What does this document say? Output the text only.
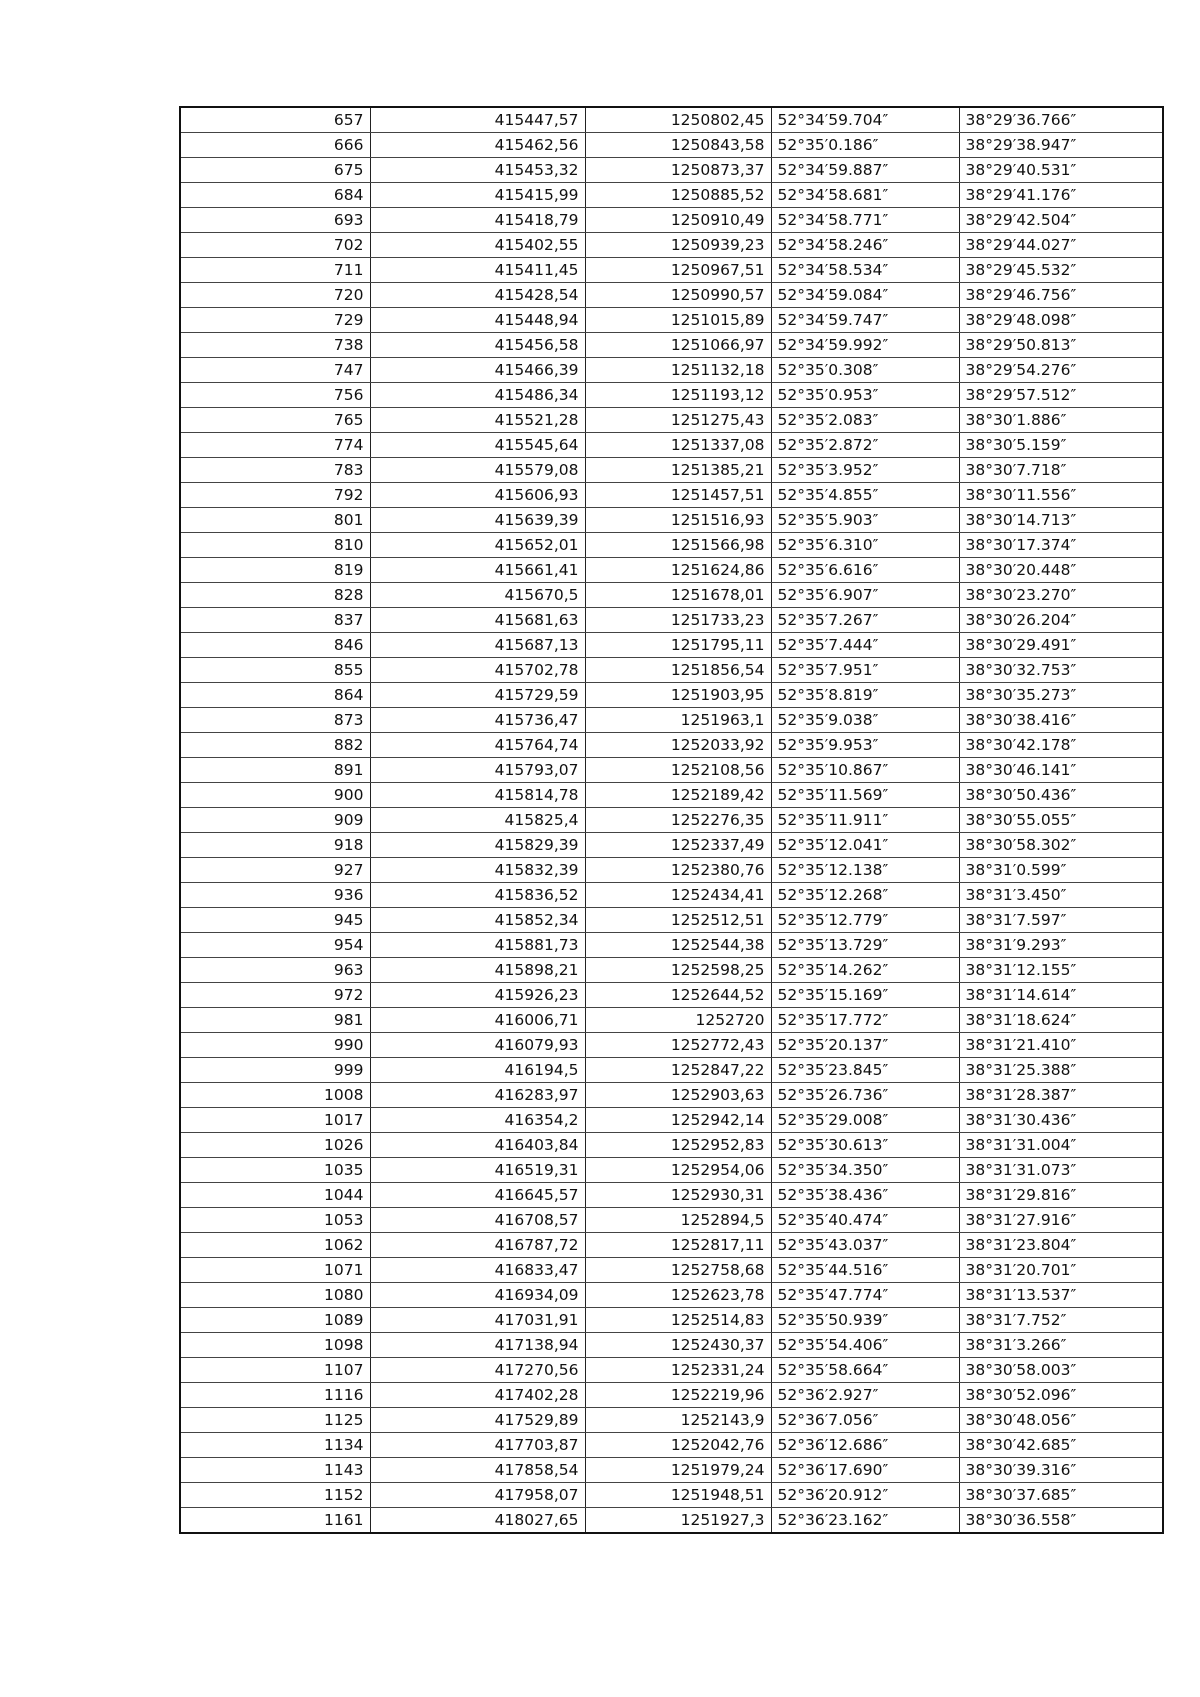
657	415447,57	1250802,45	52°34′59.704″	38°29′36.766″
666	415462,56	1250843,58	52°35′0.186″	38°29′38.947″
675	415453,32	1250873,37	52°34′59.887″	38°29′40.531″
684	415415,99	1250885,52	52°34′58.681″	38°29′41.176″
693	415418,79	1250910,49	52°34′58.771″	38°29′42.504″
702	415402,55	1250939,23	52°34′58.246″	38°29′44.027″
711	415411,45	1250967,51	52°34′58.534″	38°29′45.532″
720	415428,54	1250990,57	52°34′59.084″	38°29′46.756″
729	415448,94	1251015,89	52°34′59.747″	38°29′48.098″
738	415456,58	1251066,97	52°34′59.992″	38°29′50.813″
747	415466,39	1251132,18	52°35′0.308″	38°29′54.276″
756	415486,34	1251193,12	52°35′0.953″	38°29′57.512″
765	415521,28	1251275,43	52°35′2.083″	38°30′1.886″
774	415545,64	1251337,08	52°35′2.872″	38°30′5.159″
783	415579,08	1251385,21	52°35′3.952″	38°30′7.718″
792	415606,93	1251457,51	52°35′4.855″	38°30′11.556″
801	415639,39	1251516,93	52°35′5.903″	38°30′14.713″
810	415652,01	1251566,98	52°35′6.310″	38°30′17.374″
819	415661,41	1251624,86	52°35′6.616″	38°30′20.448″
828	415670,5	1251678,01	52°35′6.907″	38°30′23.270″
837	415681,63	1251733,23	52°35′7.267″	38°30′26.204″
846	415687,13	1251795,11	52°35′7.444″	38°30′29.491″
855	415702,78	1251856,54	52°35′7.951″	38°30′32.753″
864	415729,59	1251903,95	52°35′8.819″	38°30′35.273″
873	415736,47	1251963,1	52°35′9.038″	38°30′38.416″
882	415764,74	1252033,92	52°35′9.953″	38°30′42.178″
891	415793,07	1252108,56	52°35′10.867″	38°30′46.141″
900	415814,78	1252189,42	52°35′11.569″	38°30′50.436″
909	415825,4	1252276,35	52°35′11.911″	38°30′55.055″
918	415829,39	1252337,49	52°35′12.041″	38°30′58.302″
927	415832,39	1252380,76	52°35′12.138″	38°31′0.599″
936	415836,52	1252434,41	52°35′12.268″	38°31′3.450″
945	415852,34	1252512,51	52°35′12.779″	38°31′7.597″
954	415881,73	1252544,38	52°35′13.729″	38°31′9.293″
963	415898,21	1252598,25	52°35′14.262″	38°31′12.155″
972	415926,23	1252644,52	52°35′15.169″	38°31′14.614″
981	416006,71	1252720	52°35′17.772″	38°31′18.624″
990	416079,93	1252772,43	52°35′20.137″	38°31′21.410″
999	416194,5	1252847,22	52°35′23.845″	38°31′25.388″
1008	416283,97	1252903,63	52°35′26.736″	38°31′28.387″
1017	416354,2	1252942,14	52°35′29.008″	38°31′30.436″
1026	416403,84	1252952,83	52°35′30.613″	38°31′31.004″
1035	416519,31	1252954,06	52°35′34.350″	38°31′31.073″
1044	416645,57	1252930,31	52°35′38.436″	38°31′29.816″
1053	416708,57	1252894,5	52°35′40.474″	38°31′27.916″
1062	416787,72	1252817,11	52°35′43.037″	38°31′23.804″
1071	416833,47	1252758,68	52°35′44.516″	38°31′20.701″
1080	416934,09	1252623,78	52°35′47.774″	38°31′13.537″
1089	417031,91	1252514,83	52°35′50.939″	38°31′7.752″
1098	417138,94	1252430,37	52°35′54.406″	38°31′3.266″
1107	417270,56	1252331,24	52°35′58.664″	38°30′58.003″
1116	417402,28	1252219,96	52°36′2.927″	38°30′52.096″
1125	417529,89	1252143,9	52°36′7.056″	38°30′48.056″
1134	417703,87	1252042,76	52°36′12.686″	38°30′42.685″
1143	417858,54	1251979,24	52°36′17.690″	38°30′39.316″
1152	417958,07	1251948,51	52°36′20.912″	38°30′37.685″
1161	418027,65	1251927,3	52°36′23.162″	38°30′36.558″
